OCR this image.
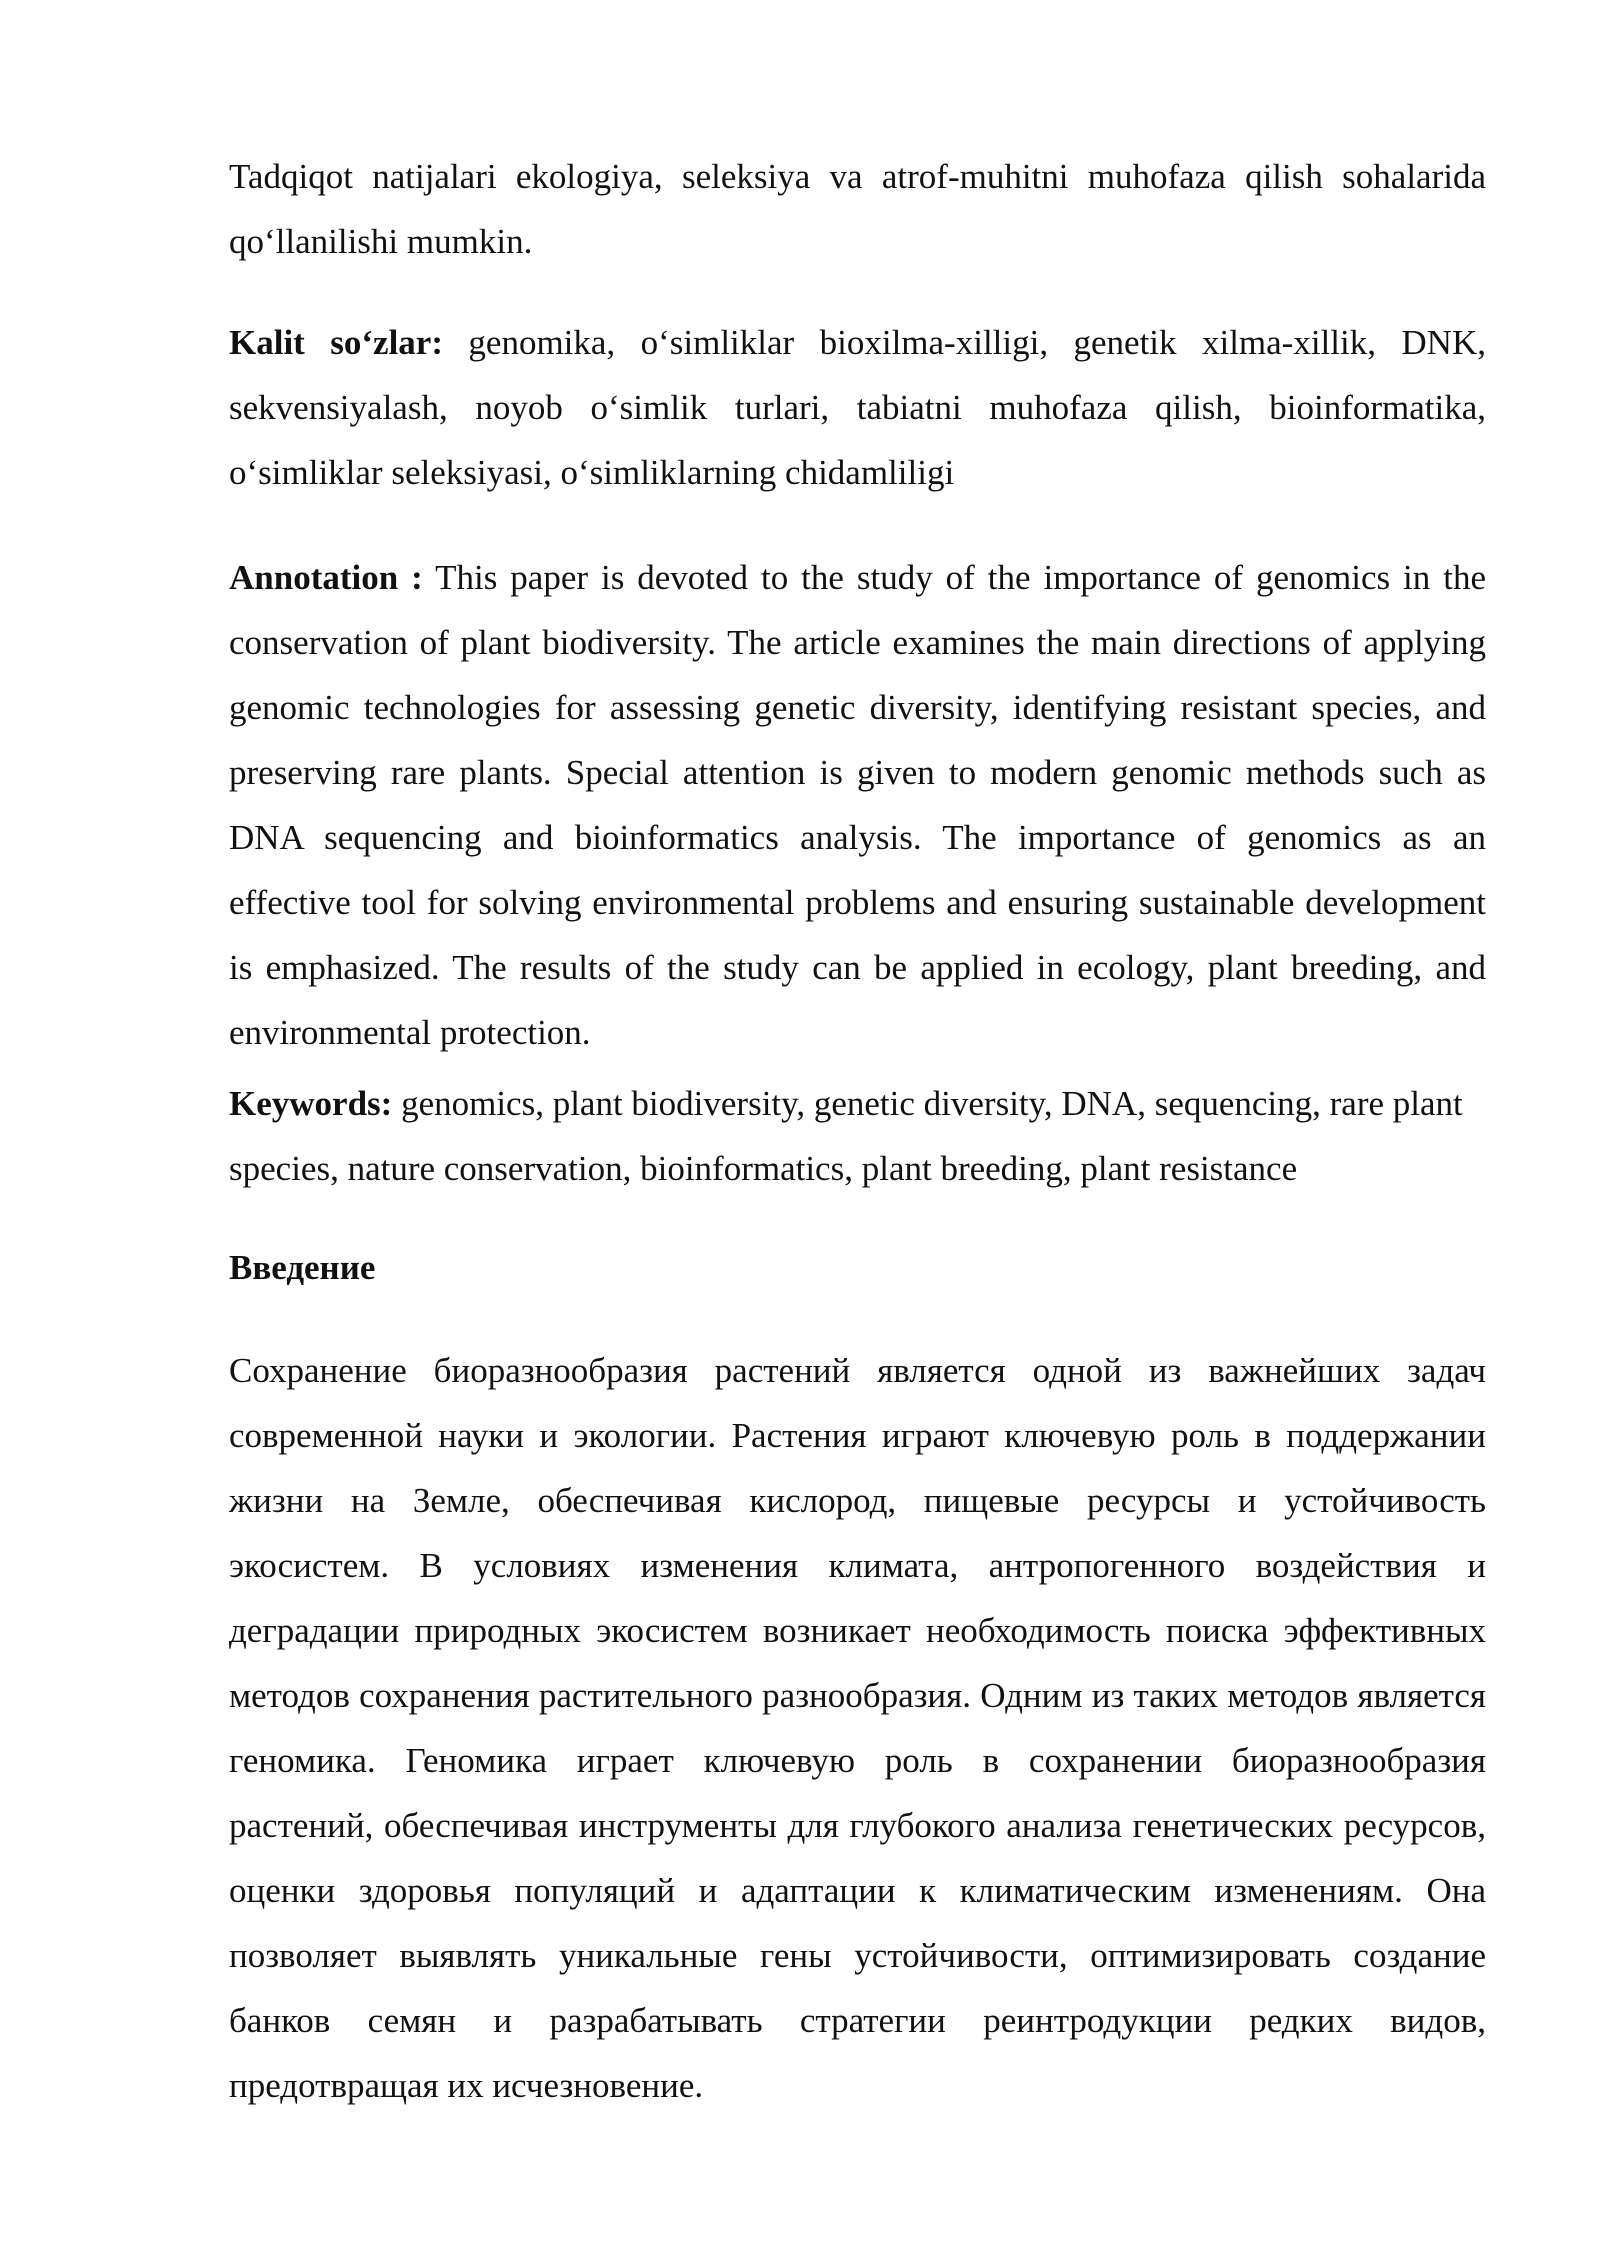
Tadqiqot natijalari ekologiya, seleksiya va atrof-muhitni muhofaza qilish sohalarida qo‘llanilishi mumkin.

Kalit so‘zlar: genomika, o‘simliklar bioxilma-xilligi, genetik xilma-xillik, DNK, sekvensiyalash, noyob o‘simlik turlari, tabiatni muhofaza qilish, bioinformatika, o‘simliklar seleksiyasi, o‘simliklarning chidamliligi

Annotation : This paper is devoted to the study of the importance of genomics in the conservation of plant biodiversity. The article examines the main directions of applying genomic technologies for assessing genetic diversity, identifying resistant species, and preserving rare plants. Special attention is given to modern genomic methods such as DNA sequencing and bioinformatics analysis. The importance of genomics as an effective tool for solving environmental problems and ensuring sustainable development is emphasized. The results of the study can be applied in ecology, plant breeding, and environmental protection.

Keywords: genomics, plant biodiversity, genetic diversity, DNA, sequencing, rare plant species, nature conservation, bioinformatics, plant breeding, plant resistance

Введение

Сохранение биоразнообразия растений является одной из важнейших задач современной науки и экологии. Растения играют ключевую роль в поддержании жизни на Земле, обеспечивая кислород, пищевые ресурсы и устойчивость экосистем. В условиях изменения климата, антропогенного воздействия и деградации природных экосистем возникает необходимость поиска эффективных методов сохранения растительного разнообразия. Одним из таких методов является геномика. Геномика играет ключевую роль в сохранении биоразнообразия растений, обеспечивая инструменты для глубокого анализа генетических ресурсов, оценки здоровья популяций и адаптации к климатическим изменениям. Она позволяет выявлять уникальные гены устойчивости, оптимизировать создание банков семян и разрабатывать стратегии реинтродукции редких видов, предотвращая их исчезновение.
